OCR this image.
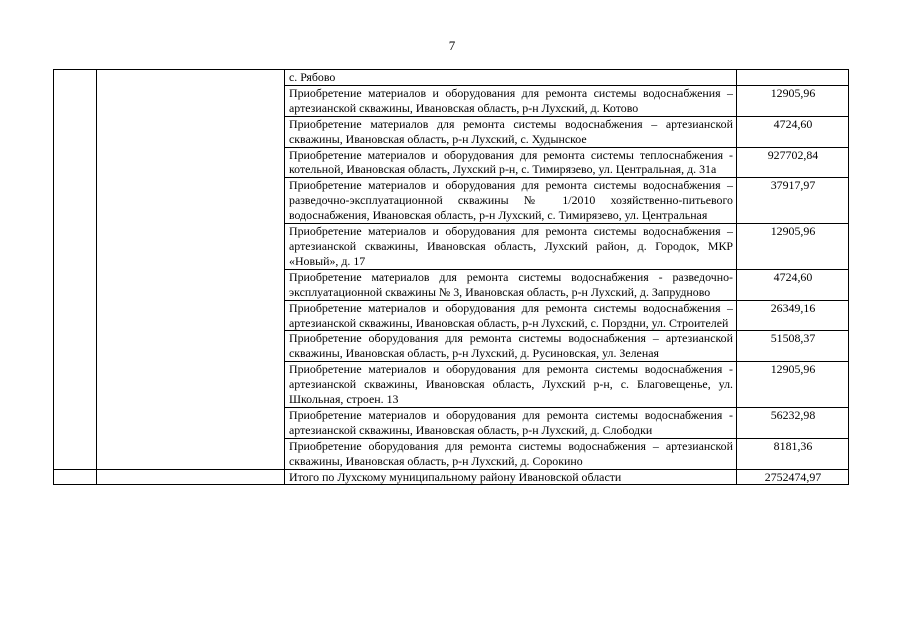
7
		с. Рябово	
		Приобретение материалов и оборудования для ремонта системы водоснабжения – артезианской скважины, Ивановская область, р-н Лухский, д. Котово	12905,96
		Приобретение материалов для ремонта системы водоснабжения – артезианской скважины, Ивановская область, р-н Лухский, с. Худынское	4724,60
		Приобретение материалов и оборудования для ремонта системы теплоснабжения - котельной, Ивановская область, Лухский р-н, с. Тимирязево, ул. Центральная, д. 31а	927702,84
		Приобретение материалов и оборудования для ремонта системы водоснабжения – разведочно-эксплуатационной скважины № 1/2010 хозяйственно-питьевого водоснабжения, Ивановская область, р-н Лухский, с. Тимирязево, ул. Центральная	37917,97
		Приобретение материалов и оборудования для ремонта системы водоснабжения – артезианской скважины, Ивановская область, Лухский район, д. Городок, МКР «Новый», д. 17	12905,96
		Приобретение материалов для ремонта системы водоснабжения - разведочно-эксплуатационной скважины № 3, Ивановская область, р-н Лухский, д. Запрудново	4724,60
		Приобретение материалов и оборудования для ремонта системы водоснабжения – артезианской скважины, Ивановская область, р-н Лухский, с. Порздни, ул. Строителей	26349,16
		Приобретение оборудования для ремонта системы водоснабжения – артезианской скважины, Ивановская область, р-н Лухский, д. Русиновская, ул. Зеленая	51508,37
		Приобретение материалов и оборудования для ремонта системы водоснабжения - артезианской скважины, Ивановская область, Лухский р-н, с. Благовещенье, ул. Школьная, строен. 13	12905,96
		Приобретение материалов и оборудования для ремонта системы водоснабжения - артезианской скважины, Ивановская область, р-н Лухский, д. Слободки	56232,98
		Приобретение оборудования для ремонта системы водоснабжения – артезианской скважины, Ивановская область, р-н Лухский, д. Сорокино	8181,36
		Итого по Лухскому муниципальному району Ивановской области	2752474,97
